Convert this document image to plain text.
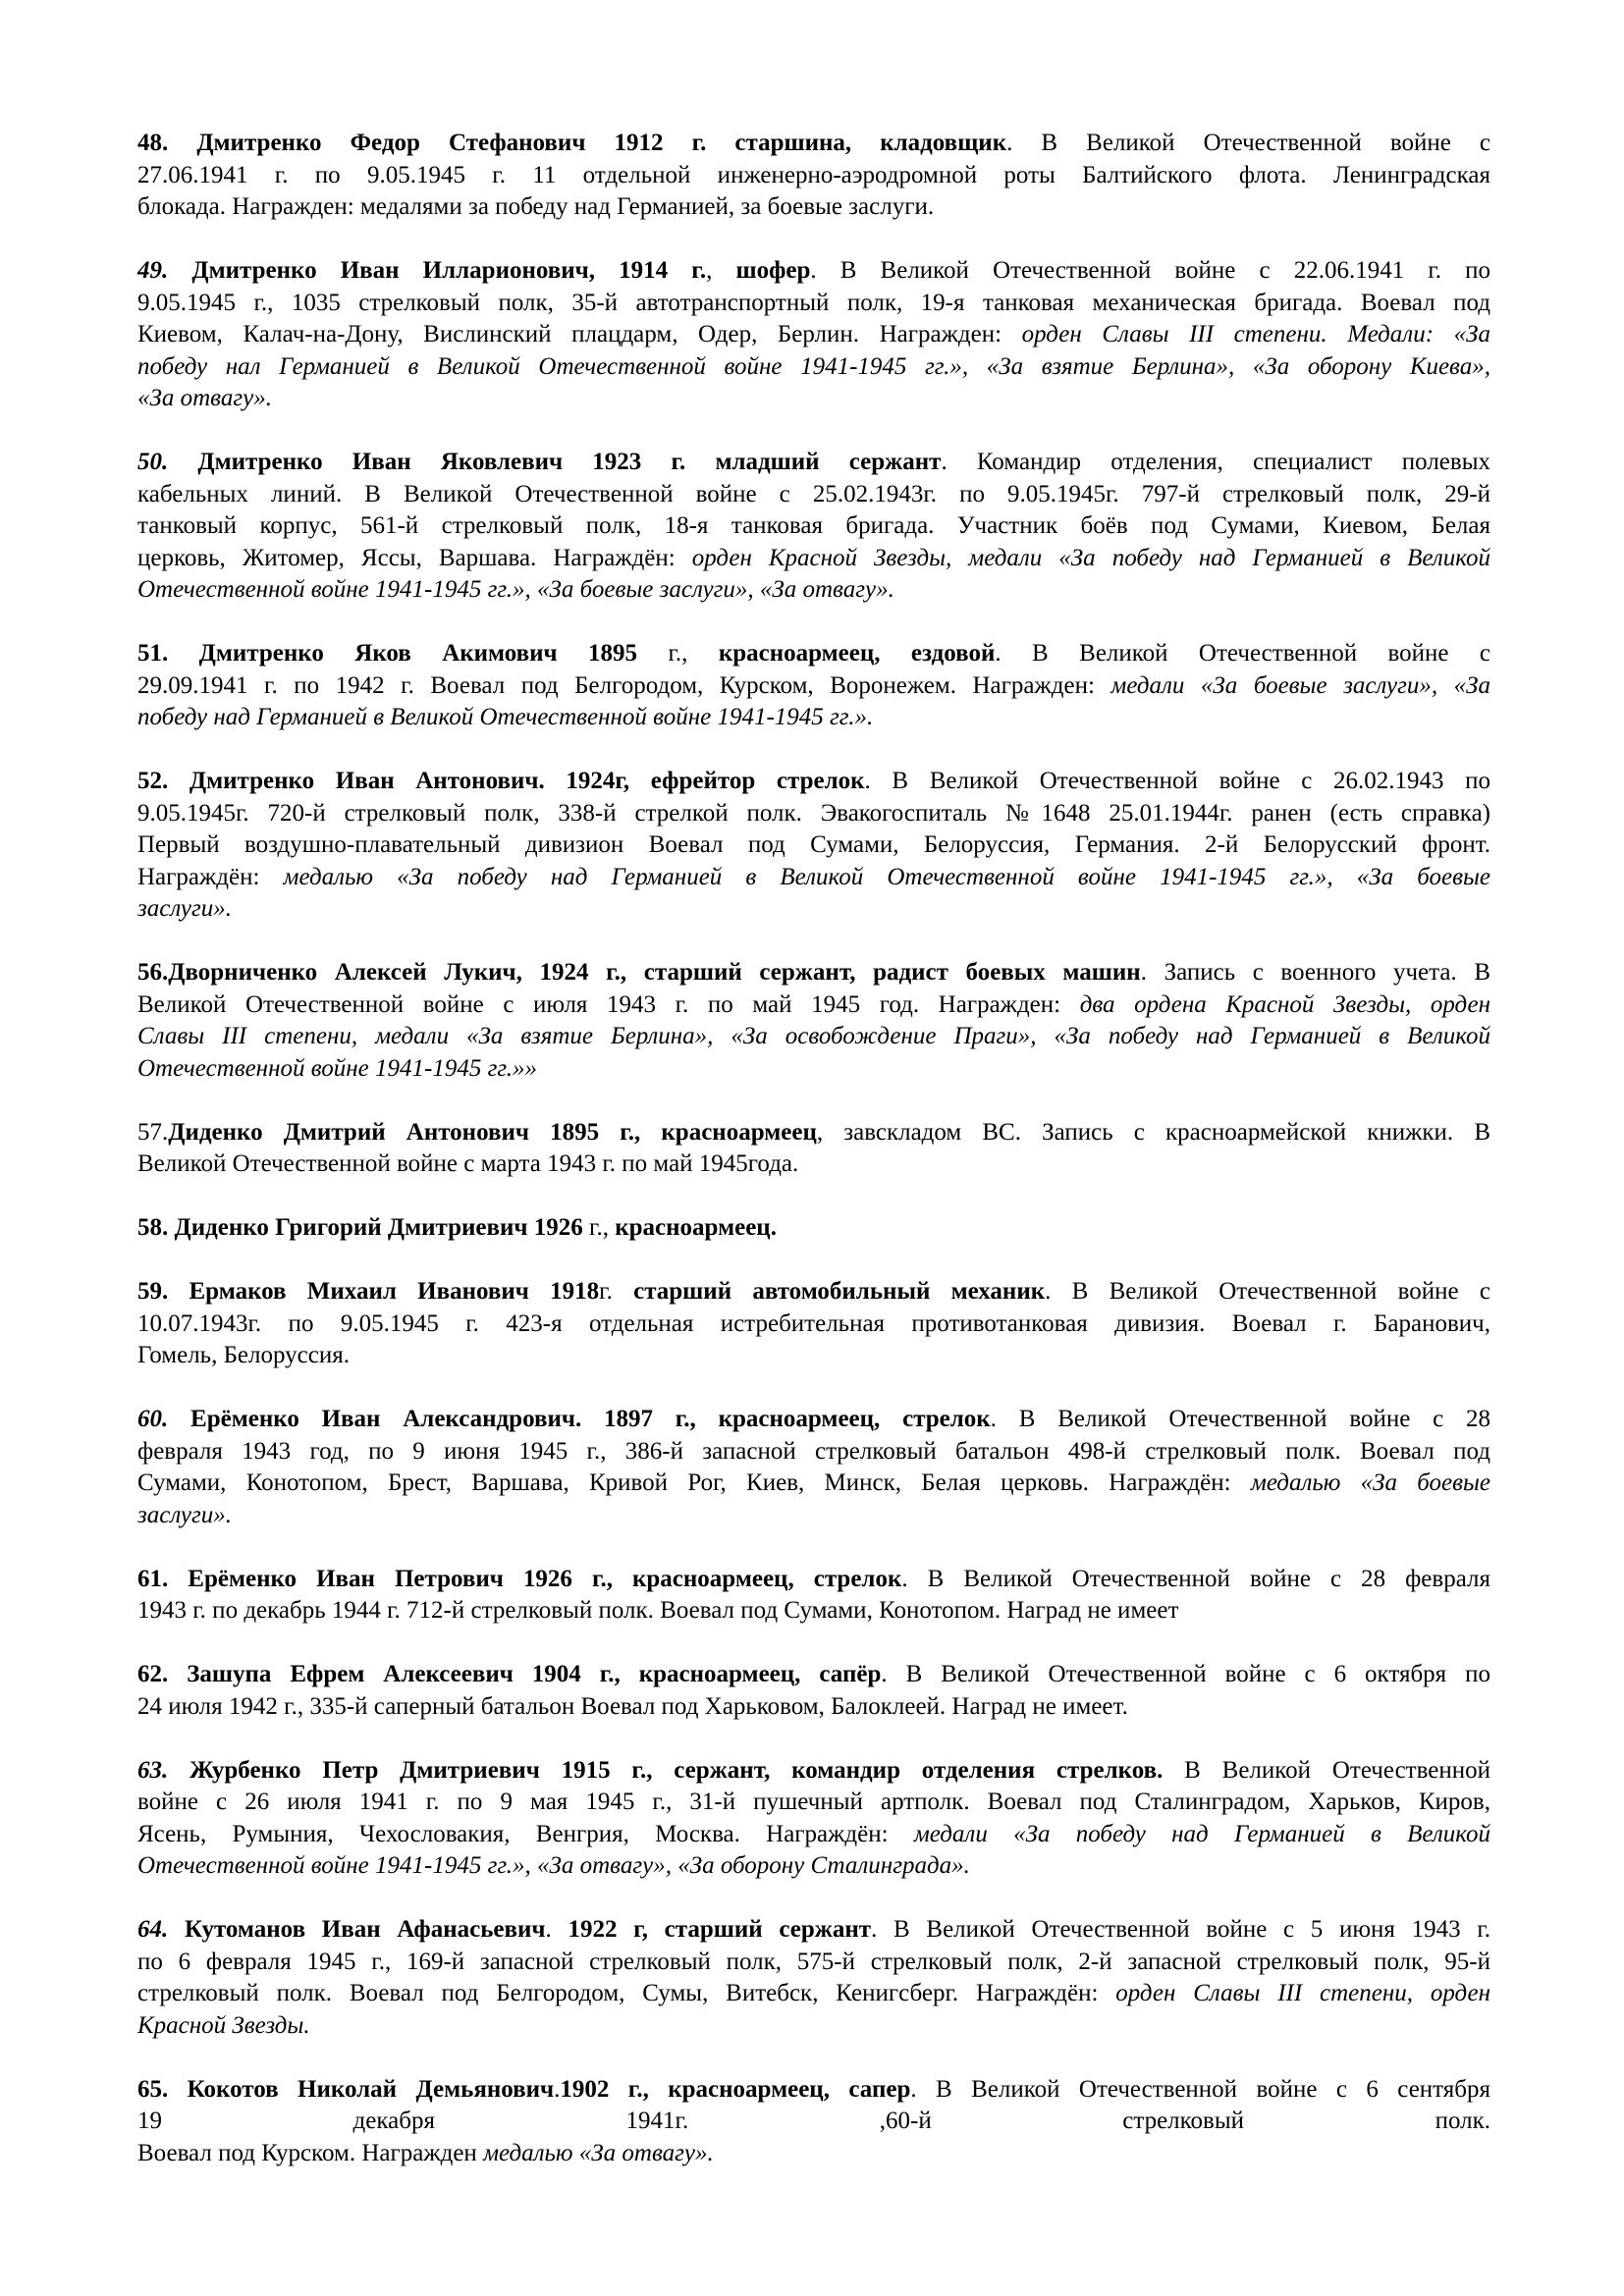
48. Дмитренко Федор Стефанович 1912 г. старшина, кладовщик. В Великой Отечественной войне с
27.06.1941 г. по 9.05.1945 г. 11 отдельной инженерно-аэродромной роты Балтийского флота. Ленинградская
блокада. Награжден: медалями за победу над Германией, за боевые заслуги.
49. Дмитренко Иван Илларионович, 1914 г., шофер. В Великой Отечественной войне с 22.06.1941 г. по
9.05.1945 г., 1035 стрелковый полк, 35-й автотранспортный полк, 19-я танковая механическая бригада. Воевал под
Киевом, Калач-на-Дону, Вислинский плацдарм, Одер, Берлин. Награжден: орден Славы III степени. Медали: «За
победу нал Германией в Великой Отечественной войне 1941-1945 гг.», «За взятие Берлина», «За оборону Киева»,
«За отвагу».
50. Дмитренко Иван Яковлевич 1923 г. младший сержант. Командир отделения, специалист полевых
кабельных линий. В Великой Отечественной войне с 25.02.1943г. по 9.05.1945г. 797-й стрелковый полк, 29-й
танковый корпус, 561-й стрелковый полк, 18-я танковая бригада. Участник боёв под Сумами, Киевом, Белая
церковь, Житомер, Яссы, Варшава. Награждён: орден Красной Звезды, медали «За победу над Германией в Великой
Отечественной войне 1941-1945 гг.», «За боевые заслуги», «За отвагу».
51. Дмитренко Яков Акимович 1895 г., красноармеец, ездовой. В Великой Отечественной войне с
29.09.1941 г. по 1942 г. Воевал под Белгородом, Курском, Воронежем. Награжден: медали «За боевые заслуги», «За
победу над Германией в Великой Отечественной войне 1941-1945 гг.».
52. Дмитренко Иван Антонович. 1924г, ефрейтор стрелок. В Великой Отечественной войне с 26.02.1943 по
9.05.1945г. 720-й стрелковый полк, 338-й стрелкой полк. Эвакогоспиталь №1648 25.01.1944г. ранен (есть справка)
Первый воздушно-плавательный дивизион Воевал под Сумами, Белоруссия, Германия. 2-й Белорусский фронт.
Награждён: медалью «За победу над Германией в Великой Отечественной войне 1941-1945 гг.», «За боевые
заслуги».
56.Дворниченко Алексей Лукич, 1924 г., старший сержант, радист боевых машин. Запись с военного учета. В
Великой Отечественной войне с июля 1943 г. по май 1945 год. Награжден: два ордена Красной Звезды, орден
Славы III степени, медали «За взятие Берлина», «За освобождение Праги», «За победу над Германией в Великой
Отечественной войне 1941-1945 гг.»»
57.Диденко Дмитрий Антонович 1895 г., красноармеец, завскладом ВС. Запись с красноармейской книжки. В
Великой Отечественной войне с марта 1943 г. по май 1945года.
58. Диденко Григорий Дмитриевич 1926 г., красноармеец.
59. Ермаков Михаил Иванович 1918г. старший автомобильный механик. В Великой Отечественной войне с
10.07.1943г. по 9.05.1945 г. 423-я отдельная истребительная противотанковая дивизия. Воевал г. Баранович,
Гомель, Белоруссия.
60. Ерёменко Иван Александрович. 1897 г., красноармеец, стрелок. В Великой Отечественной войне с 28
февраля 1943 год, по 9 июня 1945 г., 386-й запасной стрелковый батальон 498-й стрелковый полк. Воевал под
Сумами, Конотопом, Брест, Варшава, Кривой Рог, Киев, Минск, Белая церковь. Награждён: медалью «За боевые
заслуги».
61. Ерёменко Иван Петрович 1926 г., красноармеец, стрелок. В Великой Отечественной войне с 28 февраля
1943 г. по декабрь 1944 г. 712-й стрелковый полк. Воевал под Сумами, Конотопом. Наград не имеет
62. Зашупа Ефрем Алексеевич 1904 г., красноармеец, сапёр. В Великой Отечественной войне с 6 октября по
24 июля 1942 г., 335-й саперный батальон Воевал под Харьковом, Балоклеей. Наград не имеет.
63. Журбенко Петр Дмитриевич 1915 г., сержант, командир отделения стрелков. В Великой Отечественной
войне с 26 июля 1941 г. по 9 мая 1945 г., 31-й пушечный артполк. Воевал под Сталинградом, Харьков, Киров,
Ясень, Румыния, Чехословакия, Венгрия, Москва. Награждён: медали «За победу над Германией в Великой
Отечественной войне 1941-1945 гг.», «За отвагу», «За оборону Сталинграда».
64. Кутоманов Иван Афанасьевич. 1922 г, старший сержант. В Великой Отечественной войне с 5 июня 1943 г.
по 6 февраля 1945 г., 169-й запасной стрелковый полк, 575-й стрелковый полк, 2-й запасной стрелковый полк, 95-й
стрелковый полк. Воевал под Белгородом, Сумы, Витебск, Кенигсберг. Награждён: орден Славы III степени, орден
Красной Звезды.
65. Кокотов Николай Демьянович.1902 г., красноармеец, сапер. В Великой Отечественной войне с 6 сентября
19 декабря 1941г. ,60-й стрелковый полк.
Воевал под Курском. Награжден медалью «За отвагу».
